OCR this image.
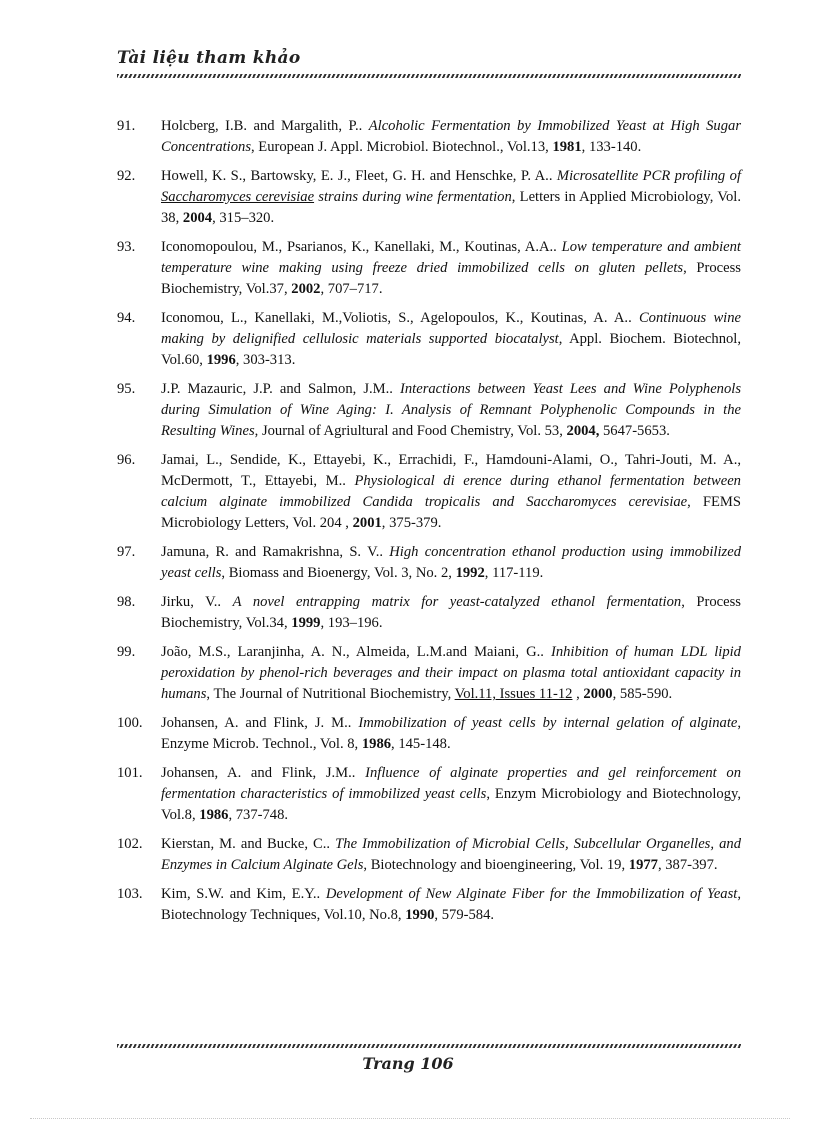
Tài liệu tham khảo
91.	Holcberg, I.B. and Margalith, P.. Alcoholic Fermentation by Immobilized Yeast at High Sugar Concentrations, European J. Appl. Microbiol. Biotechnol., Vol.13, 1981, 133-140.
92.	Howell, K. S., Bartowsky, E. J., Fleet, G. H. and Henschke, P. A.. Microsatellite PCR profiling of Saccharomyces cerevisiae strains during wine fermentation, Letters in Applied Microbiology, Vol. 38, 2004, 315–320.
93.	Iconomopoulou, M., Psarianos, K., Kanellaki, M., Koutinas, A.A.. Low temperature and ambient temperature wine making using freeze dried immobilized cells on gluten pellets, Process Biochemistry, Vol.37, 2002, 707–717.
94.	Iconomou, L., Kanellaki, M.,Voliotis, S., Agelopoulos, K., Koutinas, A. A.. Continuous wine making by delignified cellulosic materials supported biocatalyst, Appl. Biochem. Biotechnol, Vol.60, 1996, 303-313.
95.	J.P. Mazauric, J.P. and Salmon, J.M.. Interactions between Yeast Lees and Wine Polyphenols during Simulation of Wine Aging: I. Analysis of Remnant Polyphenolic Compounds in the Resulting Wines, Journal of Agriultural and Food Chemistry, Vol. 53, 2004, 5647-5653.
96.	Jamai, L., Sendide, K., Ettayebi, K., Errachidi, F., Hamdouni-Alami, O., Tahri-Jouti, M. A., McDermott, T., Ettayebi, M.. Physiological di erence during ethanol fermentation between calcium alginate immobilized Candida tropicalis and Saccharomyces cerevisiae, FEMS Microbiology Letters, Vol. 204 , 2001, 375-379.
97.	Jamuna, R. and Ramakrishna, S. V.. High concentration ethanol production using immobilized yeast cells, Biomass and Bioenergy, Vol. 3, No. 2, 1992, 117-119.
98.	Jirku, V.. A novel entrapping matrix for yeast-catalyzed ethanol fermentation, Process Biochemistry, Vol.34, 1999, 193–196.
99.	João, M.S., Laranjinha, A. N., Almeida, L.M.and Maiani, G.. Inhibition of human LDL lipid peroxidation by phenol-rich beverages and their impact on plasma total antioxidant capacity in humans, The Journal of Nutritional Biochemistry, Vol.11, Issues 11-12 , 2000, 585-590.
100.	Johansen, A. and Flink, J. M.. Immobilization of yeast cells by internal gelation of alginate, Enzyme Microb. Technol., Vol. 8, 1986, 145-148.
101.	Johansen, A. and Flink, J.M.. Influence of alginate properties and gel reinforcement on fermentation characteristics of immobilized yeast cells, Enzym Microbiology and Biotechnology, Vol.8, 1986, 737-748.
102.	Kierstan, M. and Bucke, C.. The Immobilization of Microbial Cells, Subcellular Organelles, and Enzymes in Calcium Alginate Gels, Biotechnology and bioengineering, Vol. 19, 1977, 387-397.
103.	Kim, S.W. and Kim, E.Y.. Development of New Alginate Fiber for the Immobilization of Yeast, Biotechnology Techniques, Vol.10, No.8, 1990, 579-584.
Trang 106
